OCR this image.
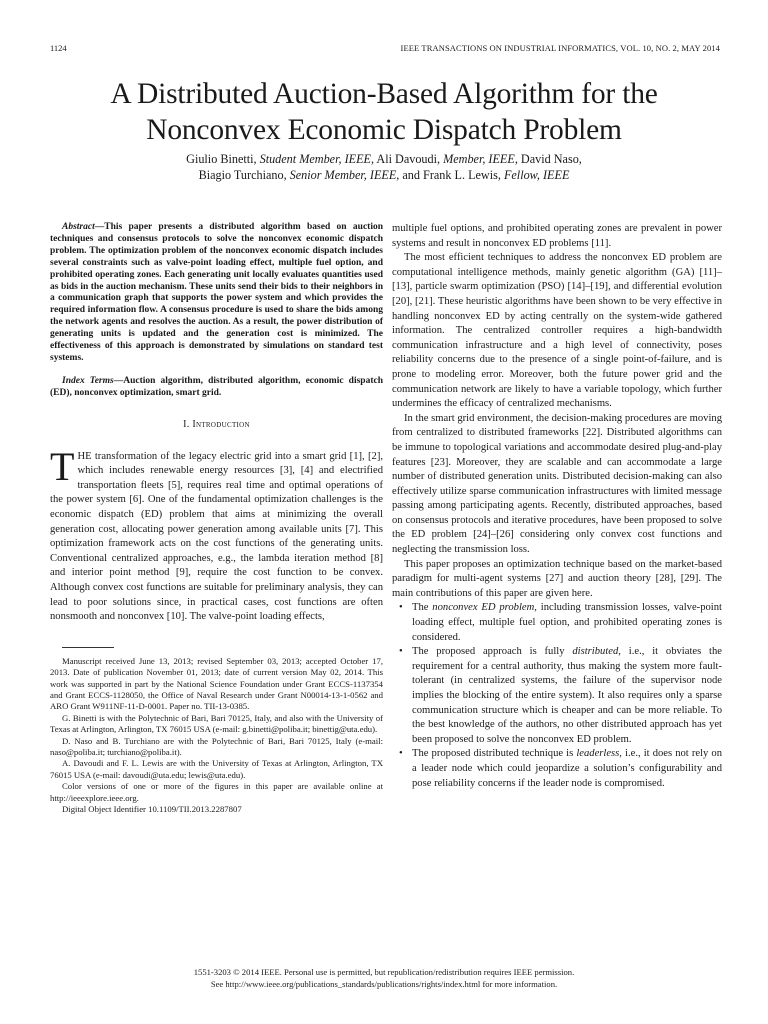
1124	IEEE TRANSACTIONS ON INDUSTRIAL INFORMATICS, VOL. 10, NO. 2, MAY 2014
A Distributed Auction-Based Algorithm for the
Nonconvex Economic Dispatch Problem
Giulio Binetti, Student Member, IEEE, Ali Davoudi, Member, IEEE, David Naso,
Biagio Turchiano, Senior Member, IEEE, and Frank L. Lewis, Fellow, IEEE

Abstract—This paper presents a distributed algorithm based on auction techniques and consensus protocols to solve the nonconvex economic dispatch problem. The optimization problem of the nonconvex economic dispatch includes several constraints such as valve-point loading effect, multiple fuel option, and prohibited operating zones. Each generating unit locally evaluates quantities used as bids in the auction mechanism. These units send their bids to their neighbors in a communication graph that supports the power system and which provides the required information flow. A consensus procedure is used to share the bids among the network agents and resolves the auction. As a result, the power distribution of generating units is updated and the generation cost is minimized. The effectiveness of this approach is demonstrated by simulations on standard test systems.

Index Terms—Auction algorithm, distributed algorithm, economic dispatch (ED), nonconvex optimization, smart grid.

I. Introduction

THE transformation of the legacy electric grid into a smart grid [1], [2], which includes renewable energy resources [3], [4] and electrified transportation fleets [5], requires real time and optimal operations of the power system [6]. One of the fundamental optimization challenges is the economic dispatch (ED) problem that aims at minimizing the overall generation cost, allocating power generation among available units [7]. This optimization framework acts on the cost functions of the generating units. Conventional centralized approaches, e.g., the lambda iteration method [8] and interior point method [9], require the cost function to be convex. Although convex cost functions are suitable for preliminary analysis, they can lead to poor solutions since, in practical cases, cost functions are often nonsmooth and nonconvex [10]. The valve-point loading effects,

Manuscript received June 13, 2013; revised September 03, 2013; accepted October 17, 2013. Date of publication November 01, 2013; date of current version May 02, 2014. This work was supported in part by the National Science Foundation under Grant ECCS-1137354 and Grant ECCS-1128050, the Office of Naval Research under Grant N00014-13-1-0562 and ARO Grant W911NF-11-D-0001. Paper no. TII-13-0385.

G. Binetti is with the Polytechnic of Bari, Bari 70125, Italy, and also with the University of Texas at Arlington, Arlington, TX 76015 USA (e-mail: g.binetti@poliba.it; binettig@uta.edu).

D. Naso and B. Turchiano are with the Polytechnic of Bari, Bari 70125, Italy (e-mail: naso@poliba.it; turchiano@poliba.it).

A. Davoudi and F. L. Lewis are with the University of Texas at Arlington, Arlington, TX 76015 USA (e-mail: davoudi@uta.edu; lewis@uta.edu).

Color versions of one or more of the figures in this paper are available online at http://ieeexplore.ieee.org.

Digital Object Identifier 10.1109/TII.2013.2287807

multiple fuel options, and prohibited operating zones are prevalent in power systems and result in nonconvex ED problems [11].

The most efficient techniques to address the nonconvex ED problem are computational intelligence methods, mainly genetic algorithm (GA) [11]–[13], particle swarm optimization (PSO) [14]–[19], and differential evolution [20], [21]. These heuristic algorithms have been shown to be very effective in handling nonconvex ED by acting centrally on the system-wide gathered information. The centralized controller requires a high-bandwidth communication infrastructure and a high level of connectivity, poses reliability concerns due to the presence of a single point-of-failure, and is prone to modeling error. Moreover, both the future power grid and the communication network are likely to have a variable topology, which further undermines the efficacy of centralized mechanisms.

In the smart grid environment, the decision-making procedures are moving from centralized to distributed frameworks [22]. Distributed algorithms can be immune to topological variations and accommodate desired plug-and-play features [23]. Moreover, they are scalable and can accommodate a large number of distributed generation units. Distributed decision-making can also effectively utilize sparse communication infrastructures with limited message passing among participating agents. Recently, distributed approaches, based on consensus protocols and iterative procedures, have been proposed to solve the ED problem [24]–[26] considering only convex cost functions and neglecting the transmission loss.

This paper proposes an optimization technique based on the market-based paradigm for multi-agent systems [27] and auction theory [28], [29]. The main contributions of this paper are given here.

• The nonconvex ED problem, including transmission losses, valve-point loading effect, multiple fuel option, and prohibited operating zones is considered.
• The proposed approach is fully distributed, i.e., it obviates the requirement for a central authority, thus making the system more fault-tolerant (in centralized systems, the failure of the supervisor node implies the blocking of the entire system). It also requires only a sparse communication structure which is cheaper and can be more reliable. To the best knowledge of the authors, no other distributed approach has yet been proposed to solve the nonconvex ED problem.
• The proposed distributed technique is leaderless, i.e., it does not rely on a leader node which could jeopardize a solution’s configurability and pose reliability concerns if the leader node is compromised.
1551-3203 © 2014 IEEE. Personal use is permitted, but republication/redistribution requires IEEE permission.
See http://www.ieee.org/publications_standards/publications/rights/index.html for more information.
